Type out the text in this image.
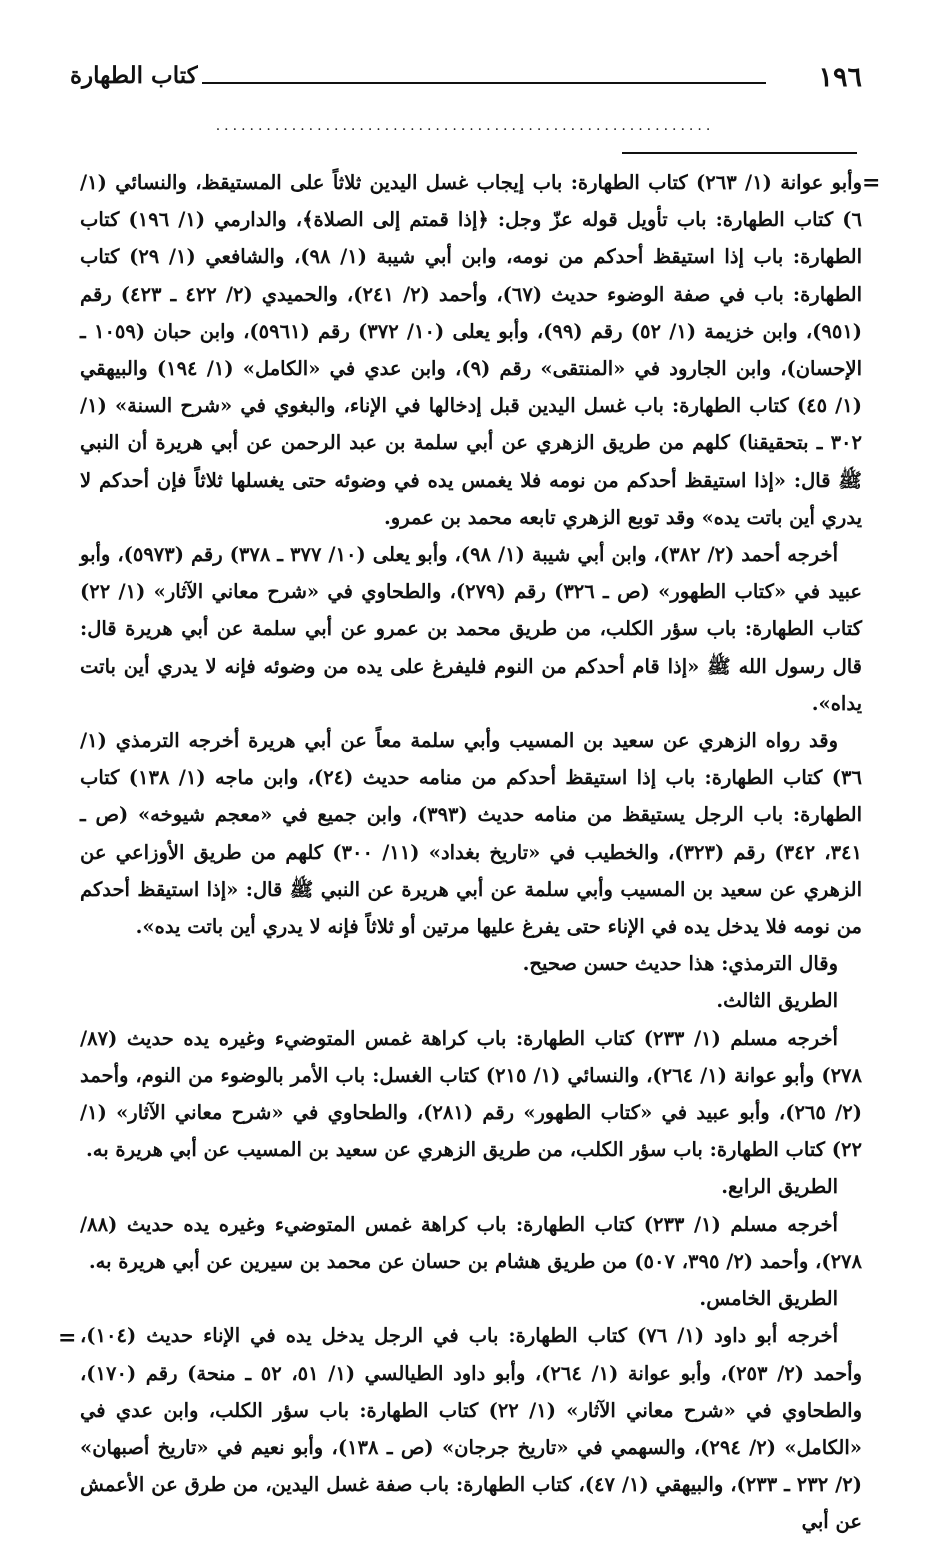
١٩٦
كتاب الطهارة
...........................................................
=

وأبو عوانة (١/ ٢٦٣) كتاب الطهارة: باب إيجاب غسل اليدين ثلاثاً على المستيقظ، والنسائي (١/ ٦) كتاب الطهارة: باب تأويل قوله عزّ وجل: ﴿إذا قمتم إلى الصلاة﴾، والدارمي (١/ ١٩٦) كتاب الطهارة: باب إذا استيقظ أحدكم من نومه، وابن أبي شيبة (١/ ٩٨)، والشافعي (١/ ٢٩) كتاب الطهارة: باب في صفة الوضوء حديث (٦٧)، وأحمد (٢/ ٢٤١)، والحميدي (٢/ ٤٢٢ ـ ٤٢٣) رقم (٩٥١)، وابن خزيمة (١/ ٥٢) رقم (٩٩)، وأبو يعلى (١٠/ ٣٧٢) رقم (٥٩٦١)، وابن حبان (١٠٥٩ ـ الإحسان)، وابن الجارود في «المنتقى» رقم (٩)، وابن عدي في «الكامل» (١/ ١٩٤) والبيهقي (١/ ٤٥) كتاب الطهارة: باب غسل اليدين قبل إدخالها في الإناء، والبغوي في «شرح السنة» (١/ ٣٠٢ ـ بتحقيقنا) كلهم من طريق الزهري عن أبي سلمة بن عبد الرحمن عن أبي هريرة أن النبي ﷺ قال: «إذا استيقظ أحدكم من نومه فلا يغمس يده في وضوئه حتى يغسلها ثلاثاً فإن أحدكم لا يدري أين باتت يده» وقد توبع الزهري تابعه محمد بن عمرو.

أخرجه أحمد (٢/ ٣٨٢)، وابن أبي شيبة (١/ ٩٨)، وأبو يعلى (١٠/ ٣٧٧ ـ ٣٧٨) رقم (٥٩٧٣)، وأبو عبيد في «كتاب الطهور» (ص ـ ٣٢٦) رقم (٢٧٩)، والطحاوي في «شرح معاني الآثار» (١/ ٢٢) كتاب الطهارة: باب سؤر الكلب، من طريق محمد بن عمرو عن أبي سلمة عن أبي هريرة قال: قال رسول الله ﷺ «إذا قام أحدكم من النوم فليفرغ على يده من وضوئه فإنه لا يدري أين باتت يداه».

وقد رواه الزهري عن سعيد بن المسيب وأبي سلمة معاً عن أبي هريرة أخرجه الترمذي (١/ ٣٦) كتاب الطهارة: باب إذا استيقظ أحدكم من منامه حديث (٢٤)، وابن ماجه (١/ ١٣٨) كتاب الطهارة: باب الرجل يستيقظ من منامه حديث (٣٩٣)، وابن جميع في «معجم شيوخه» (ص ـ ٣٤١، ٣٤٢) رقم (٣٢٣)، والخطيب في «تاريخ بغداد» (١١/ ٣٠٠) كلهم من طريق الأوزاعي عن الزهري عن سعيد بن المسيب وأبي سلمة عن أبي هريرة عن النبي ﷺ قال: «إذا استيقظ أحدكم من نومه فلا يدخل يده في الإناء حتى يفرغ عليها مرتين أو ثلاثاً فإنه لا يدري أين باتت يده».

وقال الترمذي: هذا حديث حسن صحيح.

الطريق الثالث.

أخرجه مسلم (١/ ٢٣٣) كتاب الطهارة: باب كراهة غمس المتوضيء وغيره يده حديث (٨٧/ ٢٧٨) وأبو عوانة (١/ ٢٦٤)، والنسائي (١/ ٢١٥) كتاب الغسل: باب الأمر بالوضوء من النوم، وأحمد (٢/ ٢٦٥)، وأبو عبيد في «كتاب الطهور» رقم (٢٨١)، والطحاوي في «شرح معاني الآثار» (١/ ٢٢) كتاب الطهارة: باب سؤر الكلب، من طريق الزهري عن سعيد بن المسيب عن أبي هريرة به.

الطريق الرابع.

أخرجه مسلم (١/ ٢٣٣) كتاب الطهارة: باب كراهة غمس المتوضيء وغيره يده حديث (٨٨/ ٢٧٨)، وأحمد (٢/ ٣٩٥، ٥٠٧) من طريق هشام بن حسان عن محمد بن سيرين عن أبي هريرة به.

الطريق الخامس.

أخرجه أبو داود (١/ ٧٦) كتاب الطهارة: باب في الرجل يدخل يده في الإناء حديث (١٠٤)، وأحمد (٢/ ٢٥٣)، وأبو عوانة (١/ ٢٦٤)، وأبو داود الطيالسي (١/ ٥١، ٥٢ ـ منحة) رقم (١٧٠)، والطحاوي في «شرح معاني الآثار» (١/ ٢٢) كتاب الطهارة: باب سؤر الكلب، وابن عدي في «الكامل» (٢/ ٢٩٤)، والسهمي في «تاريخ جرجان» (ص ـ ١٣٨)، وأبو نعيم في «تاريخ أصبهان» (٢/ ٢٣٢ ـ ٢٣٣)، والبيهقي (١/ ٤٧)، كتاب الطهارة: باب صفة غسل اليدين، من طرق عن الأعمش عن أبي

=
